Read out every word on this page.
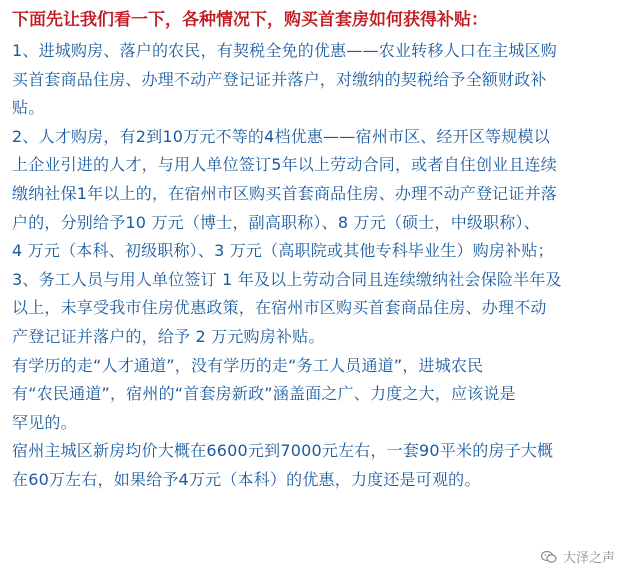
下面先让我们看一下，各种情况下，购买首套房如何获得补贴：

1、进城购房、落户的农民，有契税全免的优惠——农业转移人口在主城区购
买首套商品住房、办理不动产登记证并落户，对缴纳的契税给予全额财政补
贴。
2、人才购房，有2到10万元不等的4档优惠——宿州市区、经开区等规模以
上企业引进的人才，与用人单位签订5年以上劳动合同，或者自住创业且连续
缴纳社保1年以上的，在宿州市区购买首套商品住房、办理不动产登记证并落
户的，分别给予10 万元（博士，副高职称）、8 万元（硕士，中级职称）、
4 万元（本科、初级职称）、3 万元（高职院或其他专科毕业生）购房补贴；
3、务工人员与用人单位签订 1 年及以上劳动合同且连续缴纳社会保险半年及
以上，未享受我市住房优惠政策，在宿州市区购买首套商品住房、办理不动
产登记证并落户的，给予 2 万元购房补贴。
有学历的走“人才通道”，没有学历的走“务工人员通道”，进城农民
有“农民通道”，宿州的“首套房新政”涵盖面之广、力度之大，应该说是
罕见的。
宿州主城区新房均价大概在6600元到7000元左右，一套90平米的房子大概
在60万左右，如果给予4万元（本科）的优惠，力度还是可观的。
大泽之声
